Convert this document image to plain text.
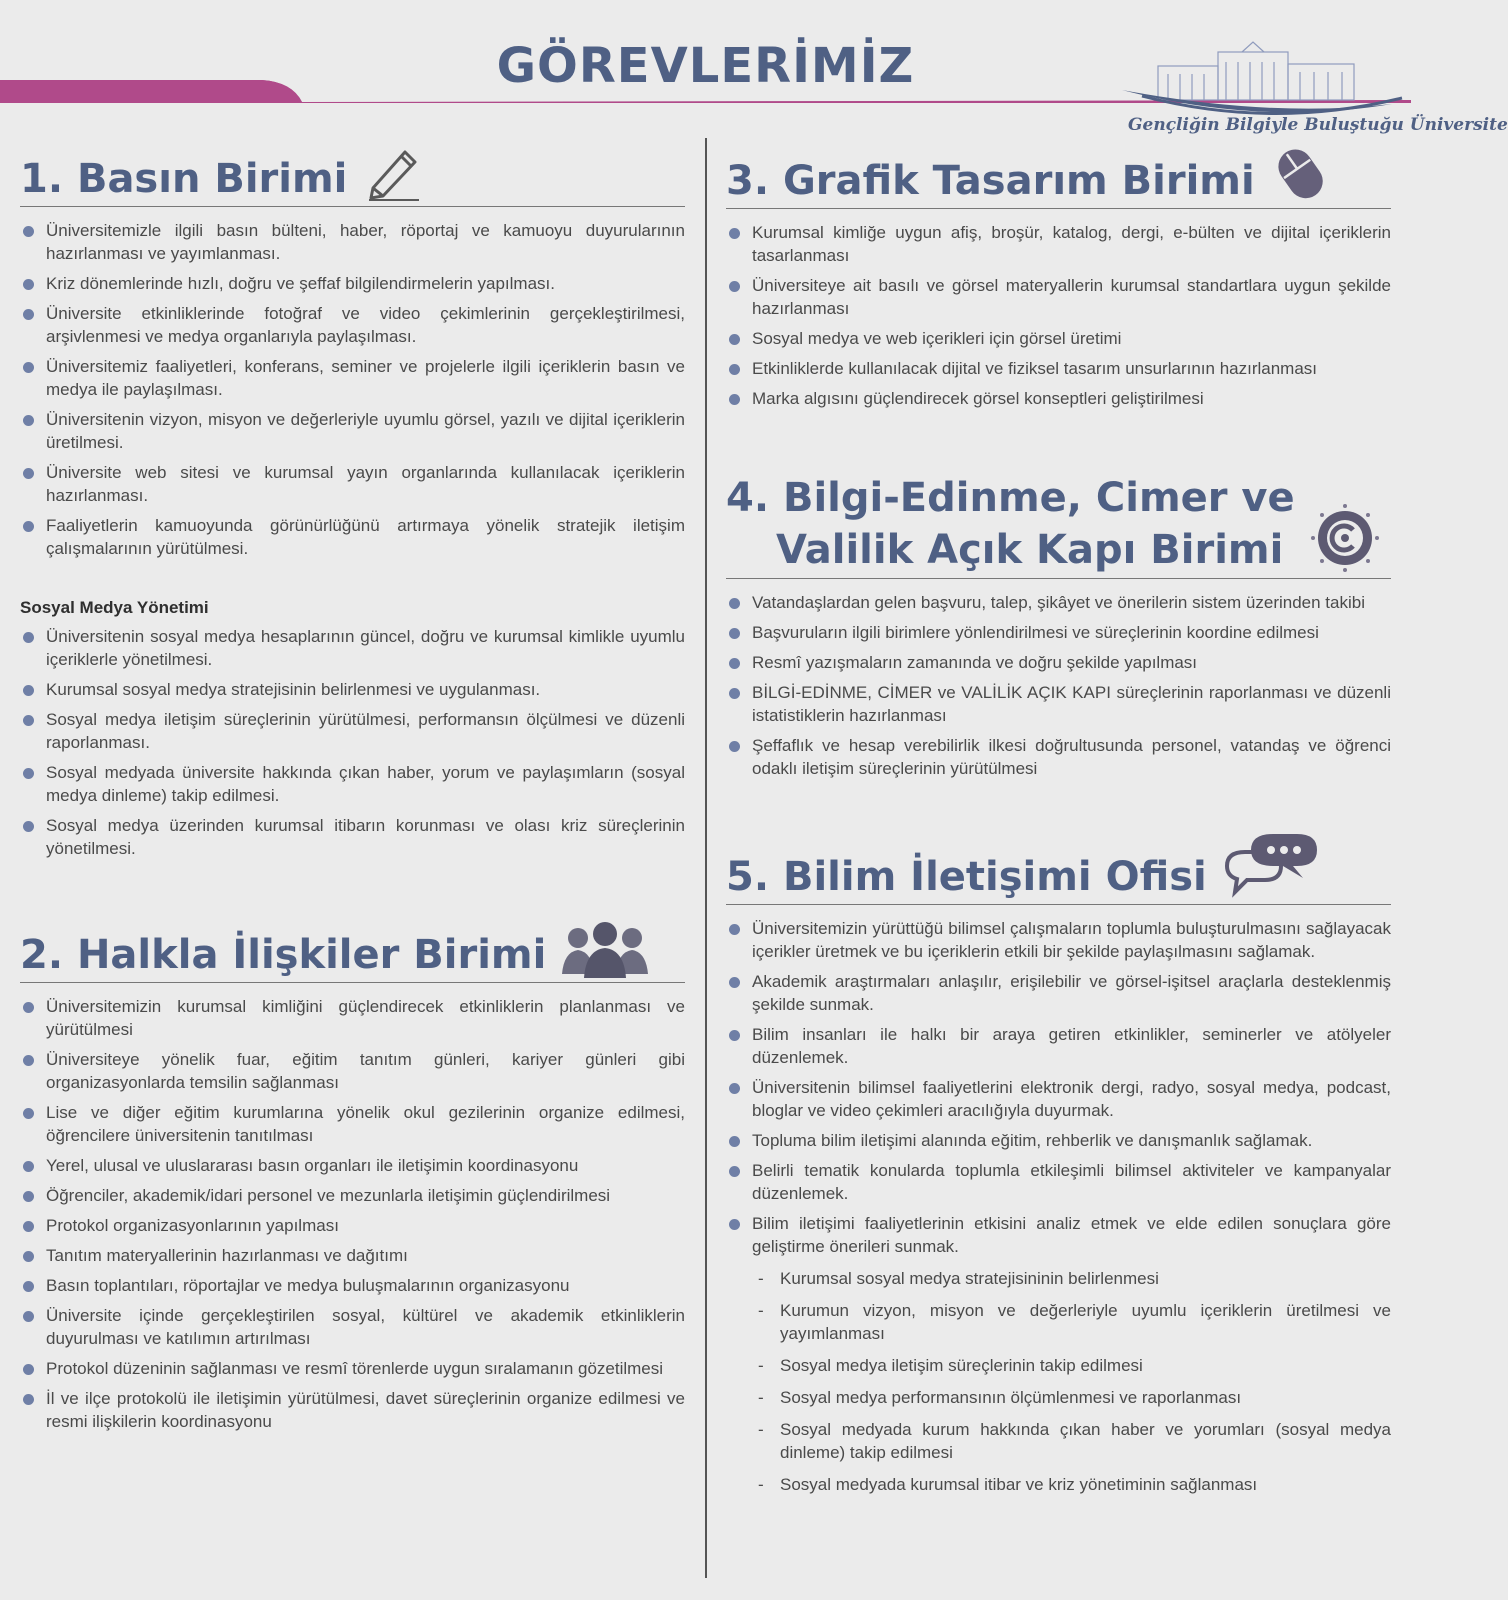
GÖREVLERİMİZ
Gençliğin Bilgiyle Buluştuğu Üniversite
1. Basın Birimi
Üniversitemizle ilgili basın bülteni, haber, röportaj ve kamuoyu duyurularının hazırlanması ve yayımlanması.
Kriz dönemlerinde hızlı, doğru ve şeffaf bilgilendirmelerin yapılması.
Üniversite etkinliklerinde fotoğraf ve video çekimlerinin gerçekleştirilmesi, arşivlenmesi ve medya organlarıyla paylaşılması.
Üniversitemiz faaliyetleri, konferans, seminer ve projelerle ilgili içeriklerin basın ve medya ile paylaşılması.
Üniversitenin vizyon, misyon ve değerleriyle uyumlu görsel, yazılı ve dijital içeriklerin üretilmesi.
Üniversite web sitesi ve kurumsal yayın organlarında kullanılacak içeriklerin hazırlanması.
Faaliyetlerin kamuoyunda görünürlüğünü artırmaya yönelik stratejik iletişim çalışmalarının yürütülmesi.

Sosyal Medya Yönetimi

Üniversitenin sosyal medya hesaplarının güncel, doğru ve kurumsal kimlikle uyumlu içeriklerle yönetilmesi.
Kurumsal sosyal medya stratejisinin belirlenmesi ve uygulanması.
Sosyal medya iletişim süreçlerinin yürütülmesi, performansın ölçülmesi ve düzenli raporlanması.
Sosyal medyada üniversite hakkında çıkan haber, yorum ve paylaşımların (sosyal medya dinleme) takip edilmesi.
Sosyal medya üzerinden kurumsal itibarın korunması ve olası kriz süreçlerinin yönetilmesi.
2. Halkla İlişkiler Birimi
Üniversitemizin kurumsal kimliğini güçlendirecek etkinliklerin planlanması ve yürütülmesi
Üniversiteye yönelik fuar, eğitim tanıtım günleri, kariyer günleri gibi organizasyonlarda temsilin sağlanması
Lise ve diğer eğitim kurumlarına yönelik okul gezilerinin organize edilmesi, öğrencilere üniversitenin tanıtılması
Yerel, ulusal ve uluslararası basın organları ile iletişimin koordinasyonu
Öğrenciler, akademik/idari personel ve mezunlarla iletişimin güçlendirilmesi
Protokol organizasyonlarının yapılması
Tanıtım materyallerinin hazırlanması ve dağıtımı
Basın toplantıları, röportajlar ve medya buluşmalarının organizasyonu
Üniversite içinde gerçekleştirilen sosyal, kültürel ve akademik etkinliklerin duyurulması ve katılımın artırılması
Protokol düzeninin sağlanması ve resmî törenlerde uygun sıralamanın gözetilmesi
İl ve ilçe protokolü ile iletişimin yürütülmesi, davet süreçlerinin organize edilmesi ve resmi ilişkilerin koordinasyonu
3. Grafik Tasarım Birimi
Kurumsal kimliğe uygun afiş, broşür, katalog, dergi, e-bülten ve dijital içeriklerin tasarlanması
Üniversiteye ait basılı ve görsel materyallerin kurumsal standartlara uygun şekilde hazırlanması
Sosyal medya ve web içerikleri için görsel üretimi
Etkinliklerde kullanılacak dijital ve fiziksel tasarım unsurlarının hazırlanması
Marka algısını güçlendirecek görsel konseptleri geliştirilmesi
4. Bilgi-Edinme, Cimer ve
Valilik Açık Kapı Birimi
Vatandaşlardan gelen başvuru, talep, şikâyet ve önerilerin sistem üzerinden takibi
Başvuruların ilgili birimlere yönlendirilmesi ve süreçlerinin koordine edilmesi
Resmî yazışmaların zamanında ve doğru şekilde yapılması
BİLGİ-EDİNME, CİMER ve VALİLİK AÇIK KAPI süreçlerinin raporlanması ve düzenli istatistiklerin hazırlanması
Şeffaflık ve hesap verebilirlik ilkesi doğrultusunda personel, vatandaş ve öğrenci odaklı iletişim süreçlerinin yürütülmesi
5. Bilim İletişimi Ofisi
Üniversitemizin yürüttüğü bilimsel çalışmaların toplumla buluşturulmasını sağlayacak içerikler üretmek ve bu içeriklerin etkili bir şekilde paylaşılmasını sağlamak.
Akademik araştırmaları anlaşılır, erişilebilir ve görsel-işitsel araçlarla desteklenmiş şekilde sunmak.
Bilim insanları ile halkı bir araya getiren etkinlikler, seminerler ve atölyeler düzenlemek.
Üniversitenin bilimsel faaliyetlerini elektronik dergi, radyo, sosyal medya, podcast, bloglar ve video çekimleri aracılığıyla duyurmak.
Topluma bilim iletişimi alanında eğitim, rehberlik ve danışmanlık sağlamak.
Belirli tematik konularda toplumla etkileşimli bilimsel aktiviteler ve kampanyalar düzenlemek.
Bilim iletişimi faaliyetlerinin etkisini analiz etmek ve elde edilen sonuçlara göre geliştirme önerileri sunmak.
- Kurumsal sosyal medya stratejisininin belirlenmesi
- Kurumun vizyon, misyon ve değerleriyle uyumlu içeriklerin üretilmesi ve yayımlanması
- Sosyal medya iletişim süreçlerinin takip edilmesi
- Sosyal medya performansının ölçümlenmesi ve raporlanması
- Sosyal medyada kurum hakkında çıkan haber ve yorumları (sosyal medya dinleme) takip edilmesi
- Sosyal medyada kurumsal itibar ve kriz yönetiminin sağlanması
